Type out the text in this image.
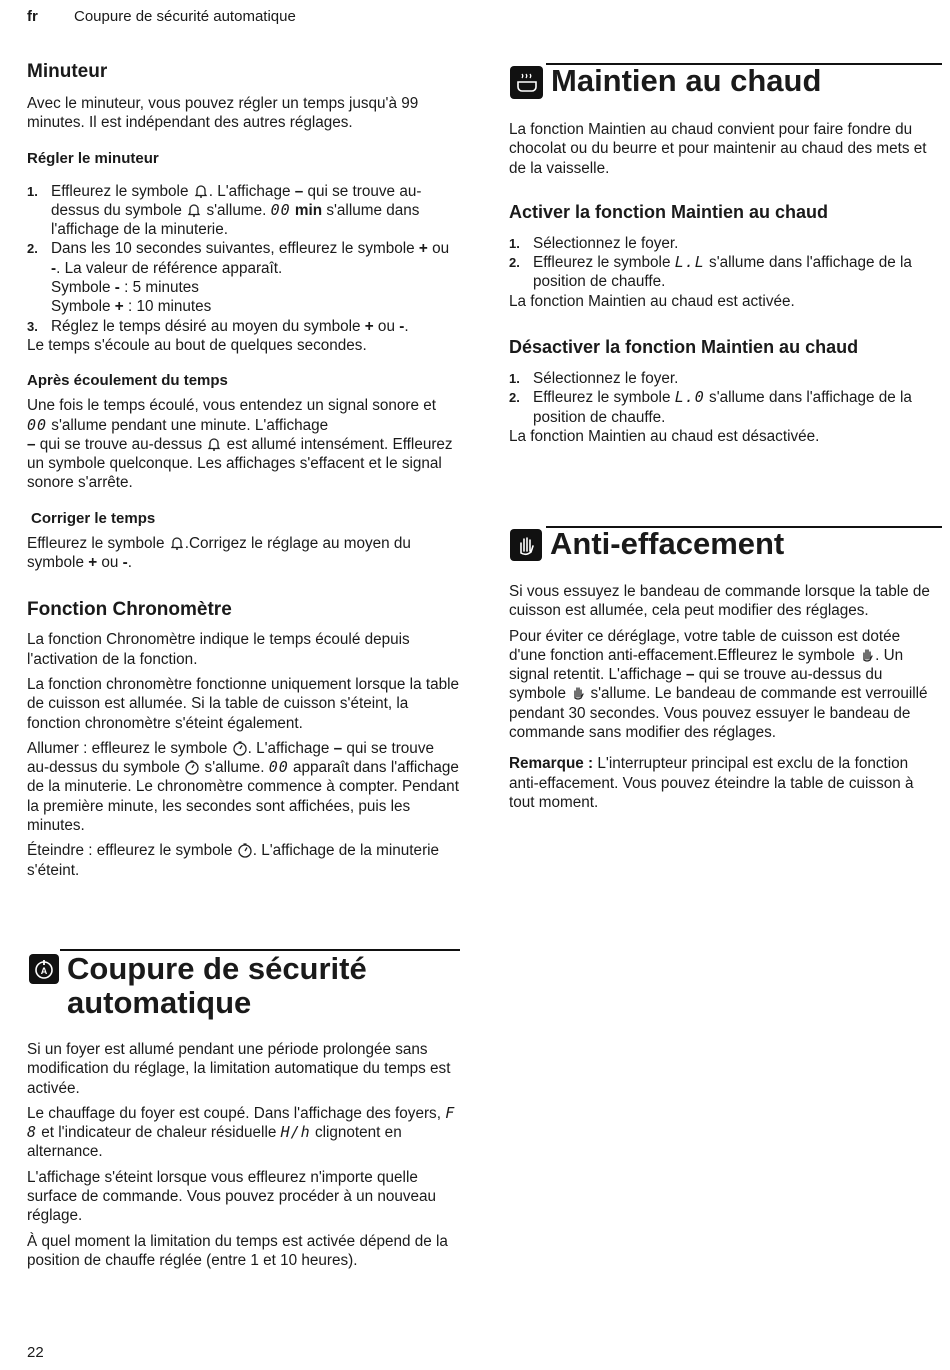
fr Coupure de sécurité automatique
Minuteur

Avec le minuteur, vous pouvez régler un temps jusqu'à 99 minutes. Il est indépendant des autres réglages.

Régler le minuteur
1. Effleurez le symbole . L'affichage – qui se trouve au-dessus du symbole  s'allume. 00 min s'allume dans l'affichage de la minuterie.
2. Dans les 10 secondes suivantes, effleurez le symbole + ou -. La valeur de référence apparaît.
Symbole - : 5 minutes
Symbole + : 10 minutes
3. Réglez le temps désiré au moyen du symbole + ou -.

Le temps s'écoule au bout de quelques secondes.

Après écoulement du temps

Une fois le temps écoulé, vous entendez un signal sonore et 00 s'allume pendant une minute. L'affichage
– qui se trouve au-dessus  est allumé intensément. Effleurez un symbole quelconque. Les affichages s'effacent et le signal sonore s'arrête.

Corriger le temps

Effleurez le symbole .Corrigez le réglage au moyen du symbole + ou -.

Fonction Chronomètre

La fonction Chronomètre indique le temps écoulé depuis l'activation de la fonction.

La fonction chronomètre fonctionne uniquement lorsque la table de cuisson est allumée. Si la table de cuisson s'éteint, la fonction chronomètre s'éteint également.

Allumer : effleurez le symbole . L'affichage – qui se trouve au-dessus du symbole  s'allume. 00 apparaît dans l'affichage de la minuterie. Le chronomètre commence à compter. Pendant la première minute, les secondes sont affichées, puis les minutes.

Éteindre : effleurez le symbole . L'affichage de la minuterie s'éteint.

A Coupure de sécurité
automatique

Si un foyer est allumé pendant une période prolongée sans modification du réglage, la limitation automatique du temps est activée.

Le chauffage du foyer est coupé. Dans l'affichage des foyers, F 8 et l'indicateur de chaleur résiduelle H/h clignotent en alternance.

L'affichage s'éteint lorsque vous effleurez n'importe quelle surface de commande. Vous pouvez procéder à un nouveau réglage.

À quel moment la limitation du temps est activée dépend de la position de chauffe réglée (entre 1 et 10 heures).

Maintien au chaud

La fonction Maintien au chaud convient pour faire fondre du chocolat ou du beurre et pour maintenir au chaud des mets et de la vaisselle.

Activer la fonction Maintien au chaud
1. Sélectionnez le foyer.
2. Effleurez le symbole L.L s'allume dans l'affichage de la position de chauffe.

La fonction Maintien au chaud est activée.

Désactiver la fonction Maintien au chaud
1. Sélectionnez le foyer.
2. Effleurez le symbole L.0 s'allume dans l'affichage de la position de chauffe.

La fonction Maintien au chaud est désactivée.

Anti-effacement

Si vous essuyez le bandeau de commande lorsque la table de cuisson est allumée, cela peut modifier des réglages.

Pour éviter ce déréglage, votre table de cuisson est dotée d'une fonction anti-effacement.Effleurez le symbole . Un signal retentit. L'affichage – qui se trouve au-dessus du symbole  s'allume. Le bandeau de commande est verrouillé pendant 30 secondes. Vous pouvez essuyer le bandeau de commande sans modifier des réglages.

Remarque : L'interrupteur principal est exclu de la fonction anti-effacement. Vous pouvez éteindre la table de cuisson à tout moment.

22
